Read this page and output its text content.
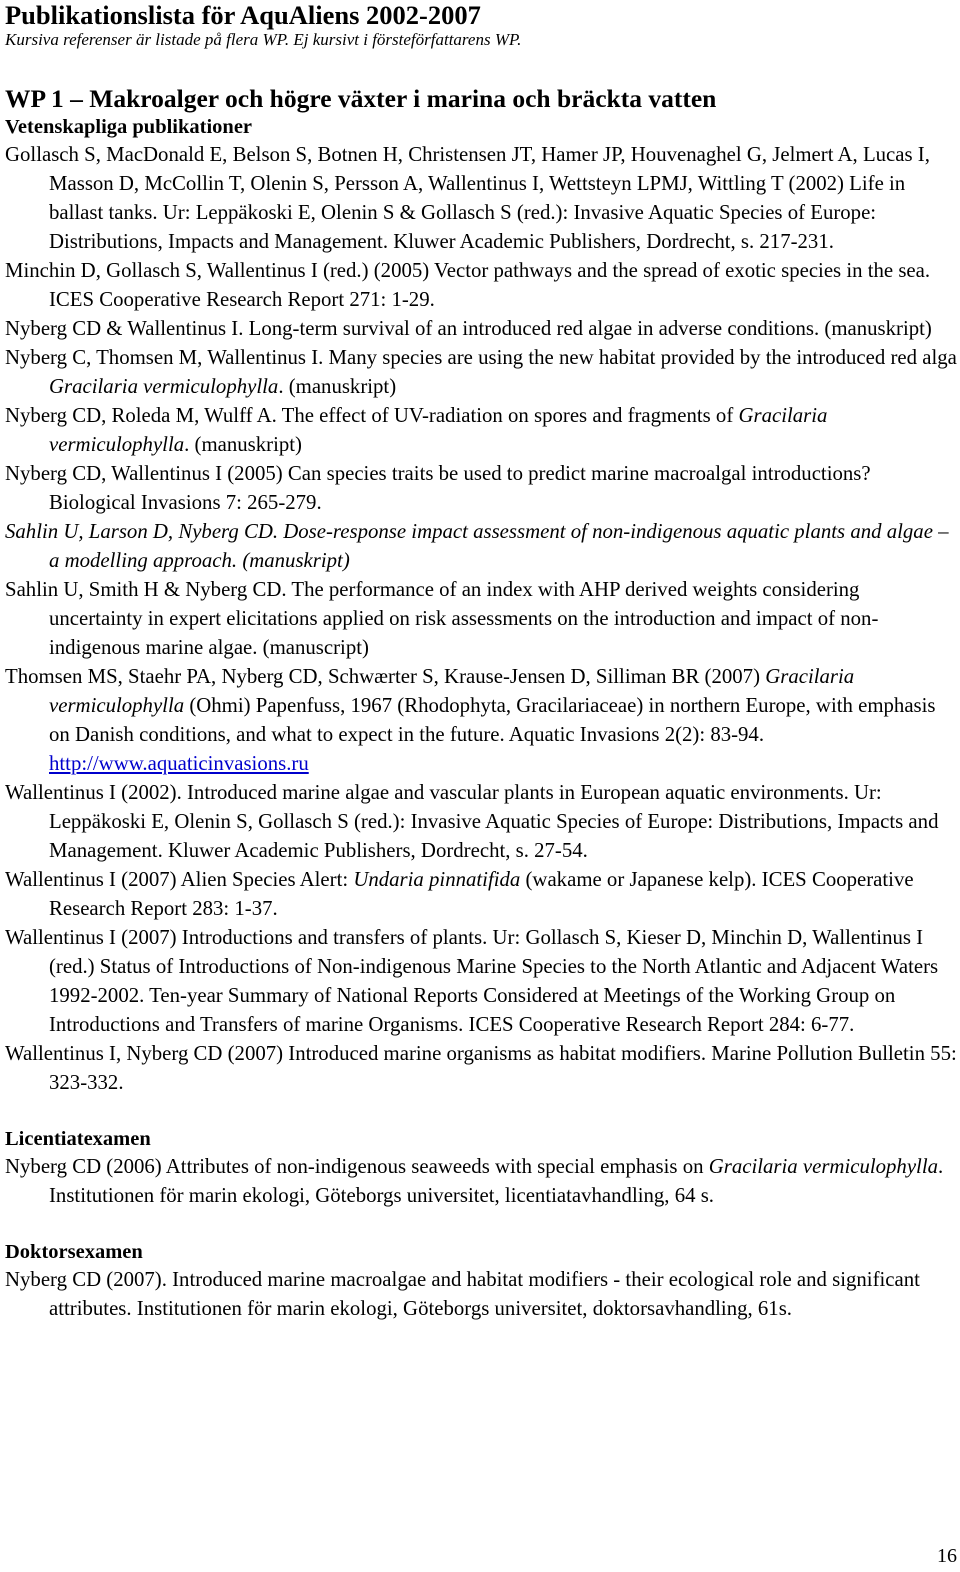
Publikationslista för AquAliens 2002-2007
Kursiva referenser är listade på flera WP. Ej kursivt i försteförfattarens WP.
WP 1 – Makroalger och högre växter i marina och bräckta vatten
Vetenskapliga publikationer
Gollasch S, MacDonald E, Belson S, Botnen H, Christensen JT, Hamer JP, Houvenaghel G, Jelmert A, Lucas I, Masson D, McCollin T, Olenin S, Persson A, Wallentinus I, Wettsteyn LPMJ, Wittling T (2002) Life in ballast tanks. Ur: Leppäkoski E, Olenin S & Gollasch S (red.): Invasive Aquatic Species of Europe: Distributions, Impacts and Management. Kluwer Academic Publishers, Dordrecht, s. 217-231.
Minchin D, Gollasch S, Wallentinus I (red.) (2005) Vector pathways and the spread of exotic species in the sea. ICES Cooperative Research Report 271: 1-29.
Nyberg CD & Wallentinus I. Long-term survival of an introduced red algae in adverse conditions. (manuskript)
Nyberg C, Thomsen M, Wallentinus I. Many species are using the new habitat provided by the introduced red alga Gracilaria vermiculophylla. (manuskript)
Nyberg CD, Roleda M, Wulff A. The effect of UV-radiation on spores and fragments of Gracilaria vermiculophylla. (manuskript)
Nyberg CD, Wallentinus I (2005) Can species traits be used to predict marine macroalgal introductions? Biological Invasions 7: 265-279.
Sahlin U, Larson D, Nyberg CD. Dose-response impact assessment of non-indigenous aquatic plants and algae – a modelling approach. (manuskript)
Sahlin U, Smith H & Nyberg CD. The performance of an index with AHP derived weights considering uncertainty in expert elicitations applied on risk assessments on the introduction and impact of non-indigenous marine algae. (manuscript)
Thomsen MS, Staehr PA, Nyberg CD, Schwærter S, Krause-Jensen D, Silliman BR (2007) Gracilaria vermiculophylla (Ohmi) Papenfuss, 1967 (Rhodophyta, Gracilariaceae) in northern Europe, with emphasis on Danish conditions, and what to expect in the future. Aquatic Invasions 2(2): 83-94. http://www.aquaticinvasions.ru
Wallentinus I (2002). Introduced marine algae and vascular plants in European aquatic environments. Ur: Leppäkoski E, Olenin S, Gollasch S (red.): Invasive Aquatic Species of Europe: Distributions, Impacts and Management. Kluwer Academic Publishers, Dordrecht, s. 27-54.
Wallentinus I (2007) Alien Species Alert: Undaria pinnatifida (wakame or Japanese kelp). ICES Cooperative Research Report 283: 1-37.
Wallentinus I (2007) Introductions and transfers of plants. Ur: Gollasch S, Kieser D, Minchin D, Wallentinus I (red.) Status of Introductions of Non-indigenous Marine Species to the North Atlantic and Adjacent Waters 1992-2002. Ten-year Summary of National Reports Considered at Meetings of the Working Group on Introductions and Transfers of marine Organisms. ICES Cooperative Research Report 284: 6-77.
Wallentinus I, Nyberg CD (2007) Introduced marine organisms as habitat modifiers. Marine Pollution Bulletin 55: 323-332.
Licentiatexamen
Nyberg CD (2006) Attributes of non-indigenous seaweeds with special emphasis on Gracilaria vermiculophylla. Institutionen för marin ekologi, Göteborgs universitet, licentiatavhandling, 64 s.
Doktorsexamen
Nyberg CD (2007). Introduced marine macroalgae and habitat modifiers - their ecological role and significant attributes. Institutionen för marin ekologi, Göteborgs universitet, doktorsavhandling, 61s.
16
